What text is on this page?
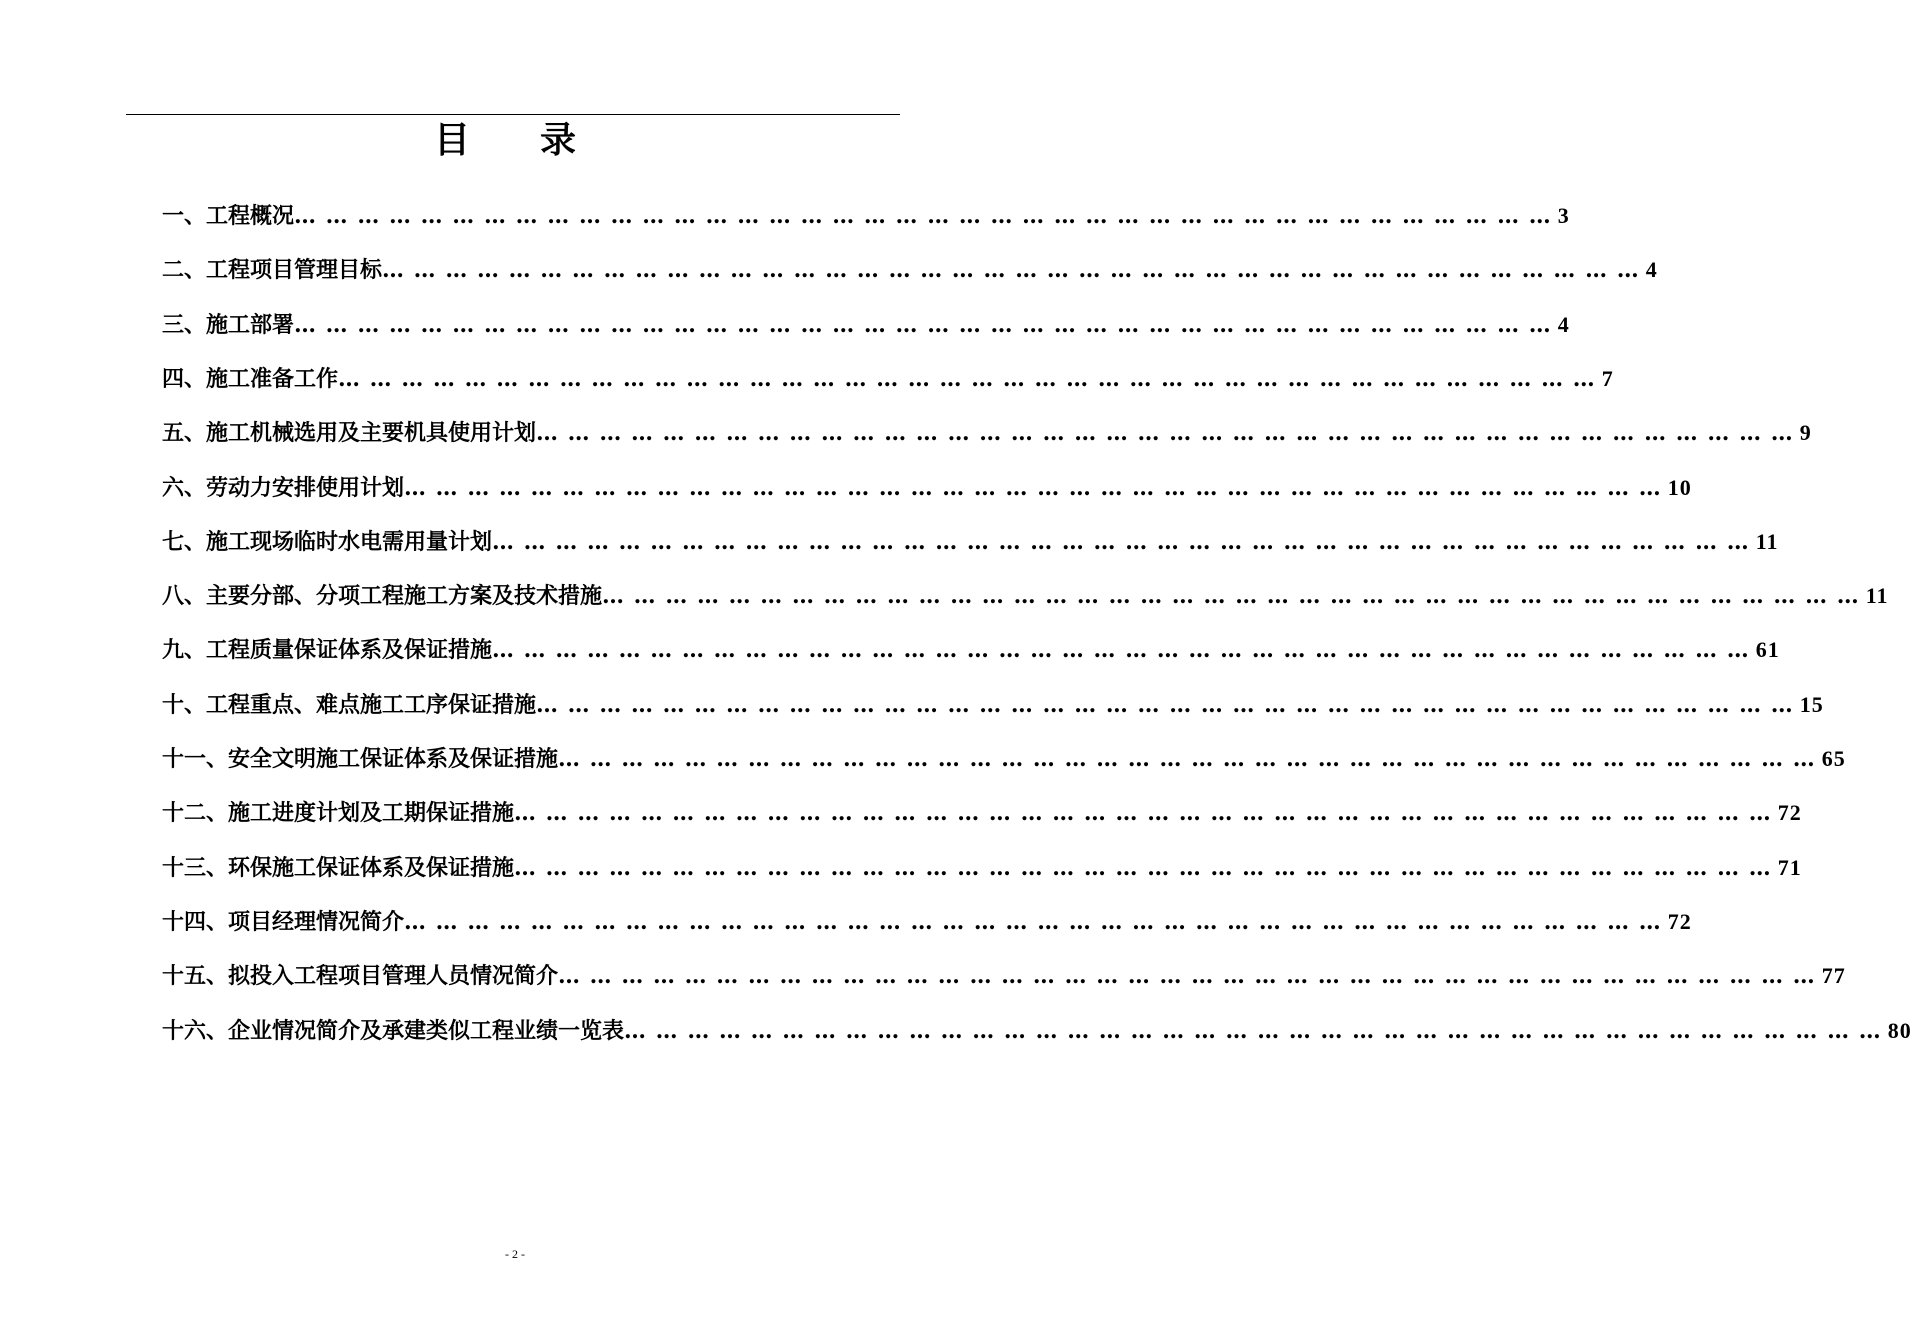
目 录
一、工程概况 … … … … … … … … … … … … … … … … … … … … … … … … … … … … … … … … … … … … … … … … 3
二、工程项目管理目标 … … … … … … … … … … … … … … … … … … … … … … … … … … … … … … … … … … … … … … … … 4
三、施工部署 … … … … … … … … … … … … … … … … … … … … … … … … … … … … … … … … … … … … … … … … 4
四、施工准备工作 … … … … … … … … … … … … … … … … … … … … … … … … … … … … … … … … … … … … … … … … 7
五、施工机械选用及主要机具使用计划 … … … … … … … … … … … … … … … … … … … … … … … … … … … … … … … … … … … … … … … … 9
六、劳动力安排使用计划 … … … … … … … … … … … … … … … … … … … … … … … … … … … … … … … … … … … … … … … … 10
七、施工现场临时水电需用量计划 … … … … … … … … … … … … … … … … … … … … … … … … … … … … … … … … … … … … … … … … 11
八、主要分部、分项工程施工方案及技术措施 … … … … … … … … … … … … … … … … … … … … … … … … … … … … … … … … … … … … … … … … 11
九、工程质量保证体系及保证措施 … … … … … … … … … … … … … … … … … … … … … … … … … … … … … … … … … … … … … … … … 61
十、工程重点、难点施工工序保证措施 … … … … … … … … … … … … … … … … … … … … … … … … … … … … … … … … … … … … … … … … 15
十一、安全文明施工保证体系及保证措施 … … … … … … … … … … … … … … … … … … … … … … … … … … … … … … … … … … … … … … … … 65
十二、施工进度计划及工期保证措施 … … … … … … … … … … … … … … … … … … … … … … … … … … … … … … … … … … … … … … … … 72
十三、环保施工保证体系及保证措施 … … … … … … … … … … … … … … … … … … … … … … … … … … … … … … … … … … … … … … … … 71
十四、项目经理情况简介 … … … … … … … … … … … … … … … … … … … … … … … … … … … … … … … … … … … … … … … … 72
十五、拟投入工程项目管理人员情况简介 … … … … … … … … … … … … … … … … … … … … … … … … … … … … … … … … … … … … … … … … 77
十六、企业情况简介及承建类似工程业绩一览表 … … … … … … … … … … … … … … … … … … … … … … … … … … … … … … … … … … … … … … … … 80
- 2 -
